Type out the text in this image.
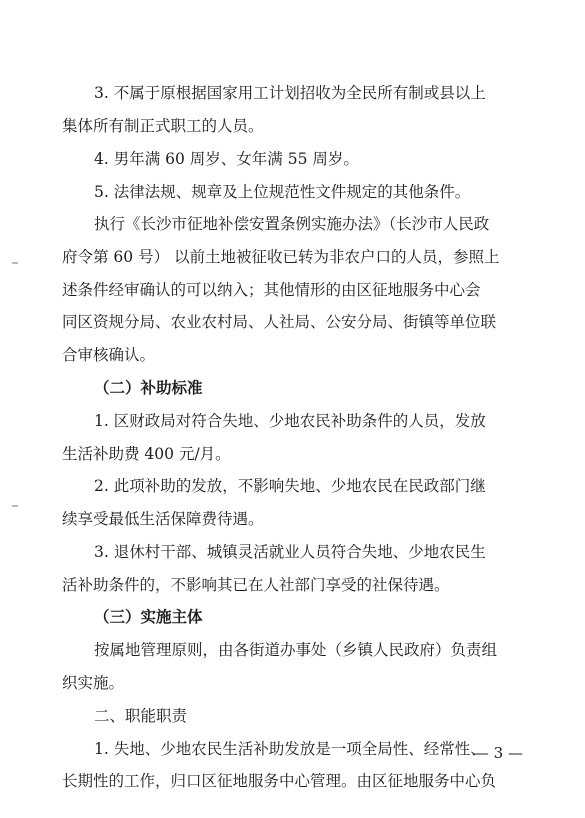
3. 不属于原根据国家用工计划招收为全民所有制或县以上
集体所有制正式职工的人员。
4. 男年满 60 周岁、女年满 55 周岁。
5. 法律法规、规章及上位规范性文件规定的其他条件。
执行《长沙市征地补偿安置条例实施办法》（长沙市人民政
府令第 60 号） 以前土地被征收已转为非农户口的人员，参照上
述条件经审确认的可以纳入；其他情形的由区征地服务中心会
同区资规分局、农业农村局、人社局、公安分局、街镇等单位联
合审核确认。
（二）补助标准
1. 区财政局对符合失地、少地农民补助条件的人员，发放
生活补助费 400 元/月。
2. 此项补助的发放，不影响失地、少地农民在民政部门继
续享受最低生活保障费待遇。
3. 退休村干部、城镇灵活就业人员符合失地、少地农民生
活补助条件的，不影响其已在人社部门享受的社保待遇。
（三）实施主体
按属地管理原则，由各街道办事处（乡镇人民政府）负责组
织实施。
二、职能职责
1. 失地、少地农民生活补助发放是一项全局性、经常性、
长期性的工作，归口区征地服务中心管理。由区征地服务中心负
— 3 —
